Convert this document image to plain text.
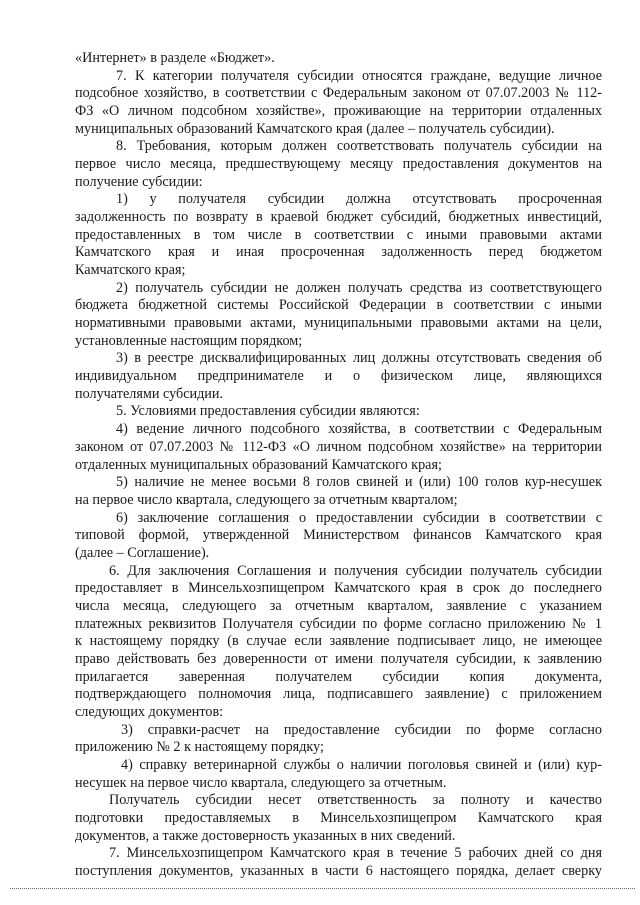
«Интернет» в разделе «Бюджет».
7. К категории получателя субсидии относятся граждане, ведущие личное
подсобное хозяйство, в соответствии с Федеральным законом от 07.07.2003 № 112-
ФЗ «О личном подсобном хозяйстве», проживающие на территории отдаленных
муниципальных образований Камчатского края (далее – получатель субсидии).
8. Требования, которым должен соответствовать получатель субсидии на
первое число месяца, предшествующему месяцу предоставления документов на
получение субсидии:
1) у получателя субсидии должна отсутствовать просроченная
задолженность по возврату в краевой бюджет субсидий, бюджетных инвестиций,
предоставленных в том числе в соответствии с иными правовыми актами
Камчатского края и иная просроченная задолженность перед бюджетом
Камчатского края;
2) получатель субсидии не должен получать средства из соответствующего
бюджета бюджетной системы Российской Федерации в соответствии с иными
нормативными правовыми актами, муниципальными правовыми актами на цели,
установленные настоящим порядком;
3) в реестре дисквалифицированных лиц должны отсутствовать сведения об
индивидуальном предпринимателе и о физическом лице, являющихся
получателями субсидии.
5. Условиями предоставления субсидии являются:
4) ведение личного подсобного хозяйства, в соответствии с Федеральным
законом от 07.07.2003 № 112-ФЗ «О личном подсобном хозяйстве» на территории
отдаленных муниципальных образований Камчатского края;
5) наличие не менее восьми 8 голов свиней и (или) 100 голов кур-несушек
на первое число квартала, следующего за отчетным кварталом;
6) заключение соглашения о предоставлении субсидии в соответствии с
типовой формой, утвержденной Министерством финансов Камчатского края
(далее – Соглашение).
6. Для заключения Соглашения и получения субсидии получатель субсидии
предоставляет в Минсельхозпищепром Камчатского края в срок до последнего
числа месяца, следующего за отчетным кварталом, заявление с указанием
платежных реквизитов Получателя субсидии по форме согласно приложению № 1
к настоящему порядку (в случае если заявление подписывает лицо, не имеющее
право действовать без доверенности от имени получателя субсидии, к заявлению
прилагается заверенная получателем субсидии копия документа,
подтверждающего полномочия лица, подписавшего заявление) с приложением
следующих документов:
3) справки-расчет на предоставление субсидии по форме согласно
приложению № 2 к настоящему порядку;
4) справку ветеринарной службы о наличии поголовья свиней и (или) кур-
несушек на первое число квартала, следующего за отчетным.
Получатель субсидии несет ответственность за полноту и качество
подготовки предоставляемых в Минсельхозпищепром Камчатского края
документов, а также достоверность указанных в них сведений.
7. Минсельхозпищепром Камчатского края в течение 5 рабочих дней со дня
поступления документов, указанных в части 6 настоящего порядка, делает сверку
